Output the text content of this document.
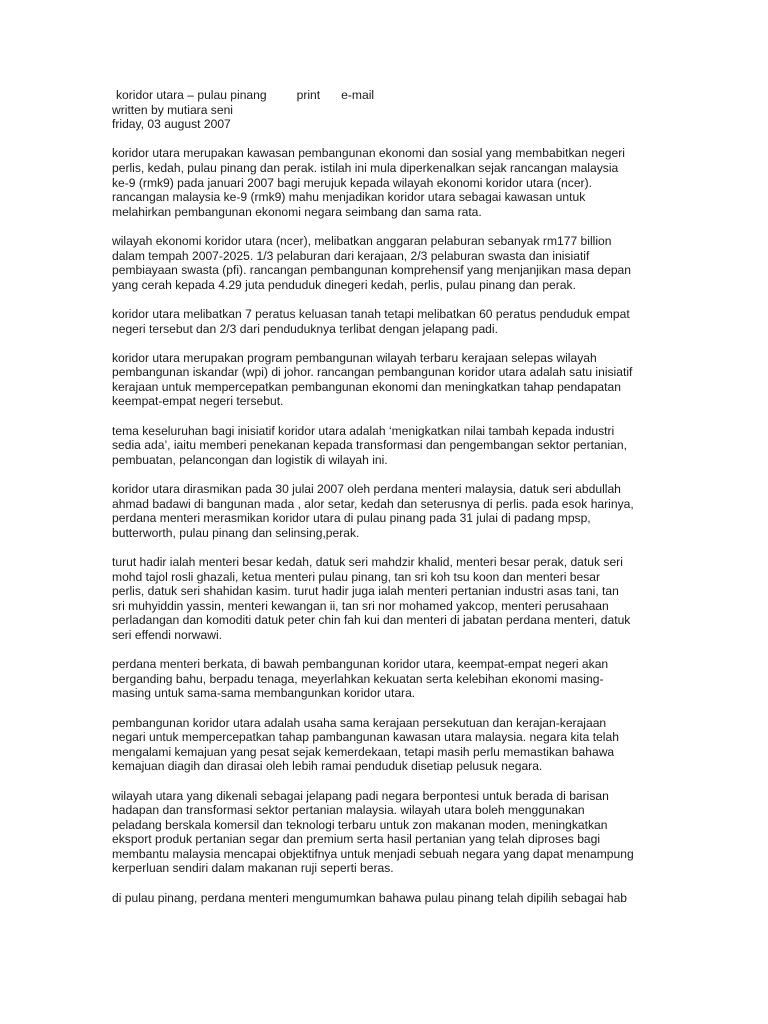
koridor utara – pulau pinang print e-mail
written by mutiara seni
friday, 03 august 2007

koridor utara merupakan kawasan pembangunan ekonomi dan sosial yang membabitkan negeri
perlis, kedah, pulau pinang dan perak. istilah ini mula diperkenalkan sejak rancangan malaysia
ke-9 (rmk9) pada januari 2007 bagi merujuk kepada wilayah ekonomi koridor utara (ncer).
rancangan malaysia ke-9 (rmk9) mahu menjadikan koridor utara sebagai kawasan untuk
melahirkan pembangunan ekonomi negara seimbang dan sama rata.

wilayah ekonomi koridor utara (ncer), melibatkan anggaran pelaburan sebanyak rm177 billion
dalam tempah 2007-2025. 1/3 pelaburan dari kerajaan, 2/3 pelaburan swasta dan inisiatif
pembiayaan swasta (pfi). rancangan pembangunan komprehensif yang menjanjikan masa depan
yang cerah kepada 4.29 juta penduduk dinegeri kedah, perlis, pulau pinang dan perak.

koridor utara melibatkan 7 peratus keluasan tanah tetapi melibatkan 60 peratus penduduk empat
negeri tersebut dan 2/3 dari penduduknya terlibat dengan jelapang padi.

koridor utara merupakan program pembangunan wilayah terbaru kerajaan selepas wilayah
pembangunan iskandar (wpi) di johor. rancangan pembangunan koridor utara adalah satu inisiatif
kerajaan untuk mempercepatkan pembangunan ekonomi dan meningkatkan tahap pendapatan
keempat-empat negeri tersebut.

tema keseluruhan bagi inisiatif koridor utara adalah ‘menigkatkan nilai tambah kepada industri
sedia ada’, iaitu memberi penekanan kepada transformasi dan pengembangan sektor pertanian,
pembuatan, pelancongan dan logistik di wilayah ini.

koridor utara dirasmikan pada 30 julai 2007 oleh perdana menteri malaysia, datuk seri abdullah
ahmad badawi di bangunan mada , alor setar, kedah dan seterusnya di perlis. pada esok harinya,
perdana menteri merasmikan koridor utara di pulau pinang pada 31 julai di padang mpsp,
butterworth, pulau pinang dan selinsing,perak.

turut hadir ialah menteri besar kedah, datuk seri mahdzir khalid, menteri besar perak, datuk seri
mohd tajol rosli ghazali, ketua menteri pulau pinang, tan sri koh tsu koon dan menteri besar
perlis, datuk seri shahidan kasim. turut hadir juga ialah menteri pertanian industri asas tani, tan
sri muhyiddin yassin, menteri kewangan ii, tan sri nor mohamed yakcop, menteri perusahaan
perladangan dan komoditi datuk peter chin fah kui dan menteri di jabatan perdana menteri, datuk
seri effendi norwawi.

perdana menteri berkata, di bawah pembangunan koridor utara, keempat-empat negeri akan
berganding bahu, berpadu tenaga, meyerlahkan kekuatan serta kelebihan ekonomi masing-
masing untuk sama-sama membangunkan koridor utara.

pembangunan koridor utara adalah usaha sama kerajaan persekutuan dan kerajan-kerajaan
negari untuk mempercepatkan tahap pambangunan kawasan utara malaysia. negara kita telah
mengalami kemajuan yang pesat sejak kemerdekaan, tetapi masih perlu memastikan bahawa
kemajuan diagih dan dirasai oleh lebih ramai penduduk disetiap pelusuk negara.

wilayah utara yang dikenali sebagai jelapang padi negara berpontesi untuk berada di barisan
hadapan dan transformasi sektor pertanian malaysia. wilayah utara boleh menggunakan
peladang berskala komersil dan teknologi terbaru untuk zon makanan moden, meningkatkan
eksport produk pertanian segar dan premium serta hasil pertanian yang telah diproses bagi
membantu malaysia mencapai objektifnya untuk menjadi sebuah negara yang dapat menampung
kerperluan sendiri dalam makanan ruji seperti beras.

di pulau pinang, perdana menteri mengumumkan bahawa pulau pinang telah dipilih sebagai hab
